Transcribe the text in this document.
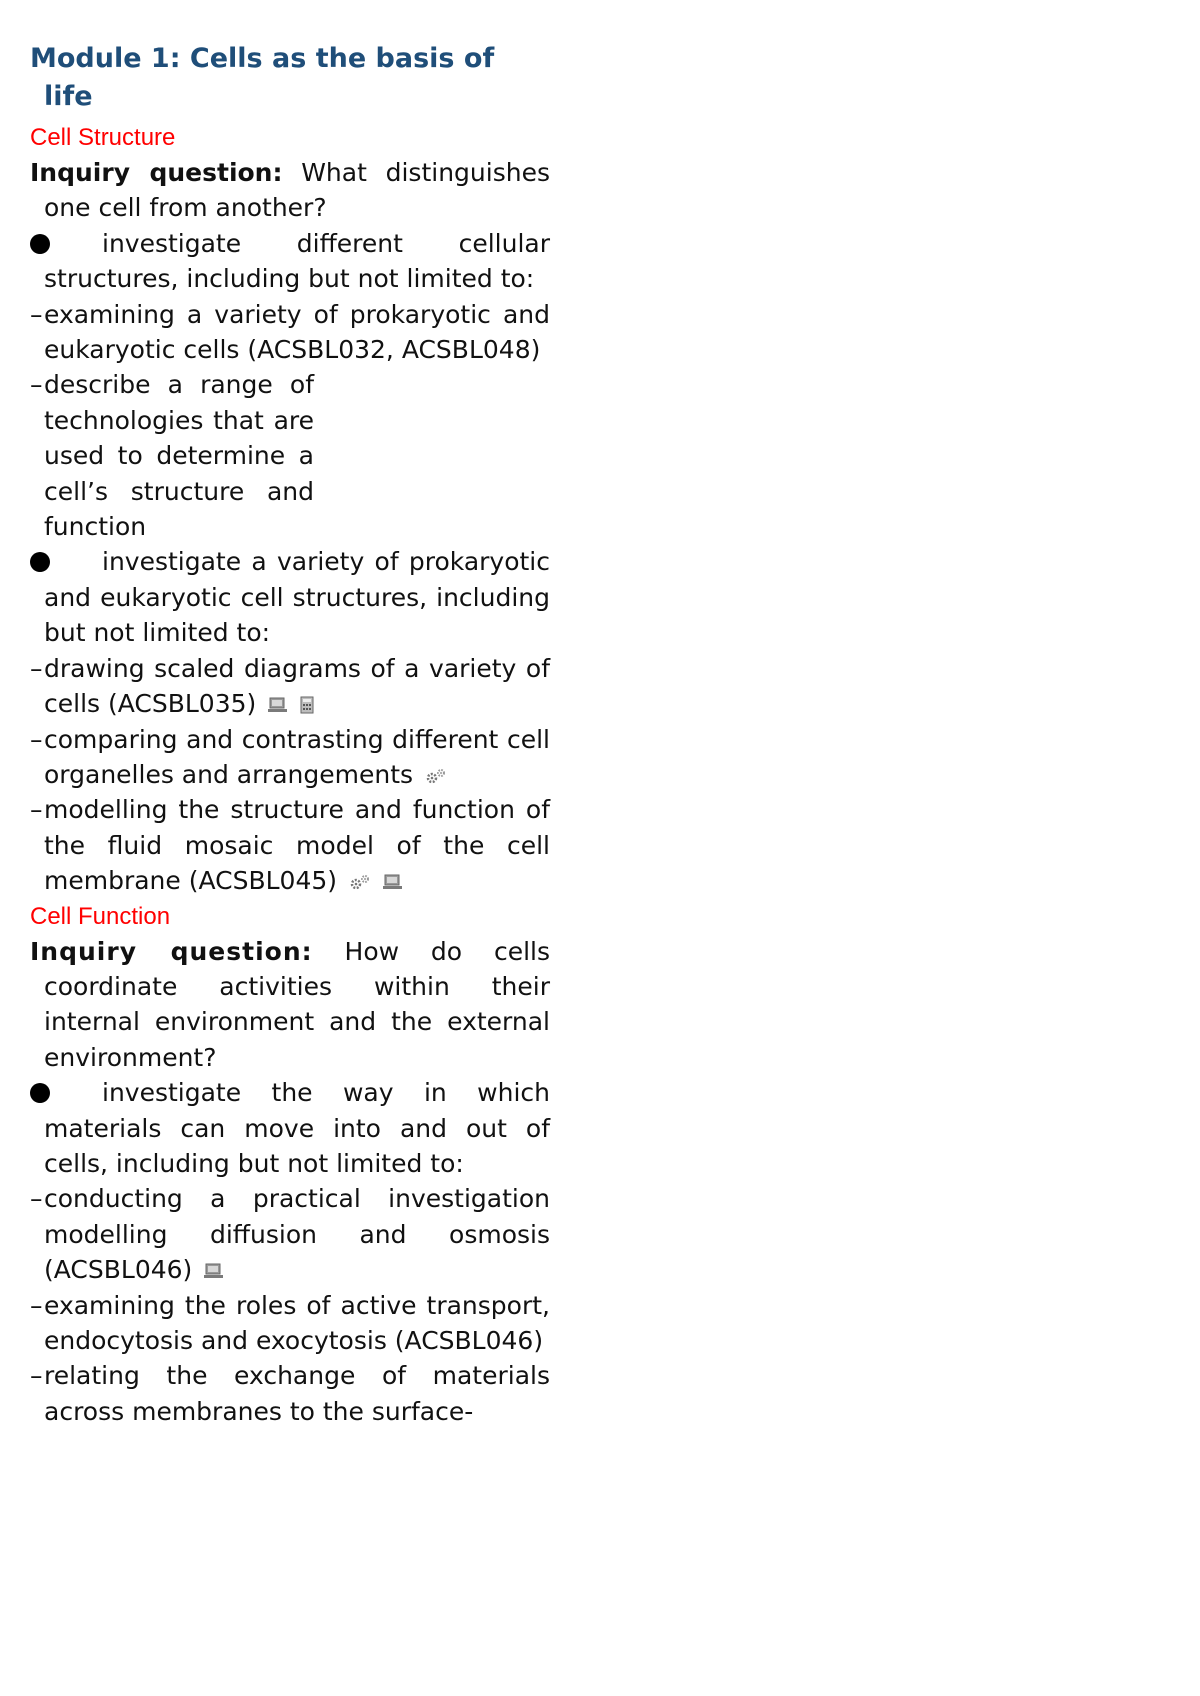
Module 1: Cells as the basis of life
Cell Structure
Inquiry question: What distinguishes one cell from another?
investigate different cellular structures, including but not limited to:
– examining a variety of prokaryotic and eukaryotic cells (ACSBL032, ACSBL048)
– describe a range of technologies that are used to determine a cell’s structure and function
investigate a variety of prokaryotic and eukaryotic cell structures, including but not limited to:
– drawing scaled diagrams of a variety of cells (ACSBL035)

– comparing and contrasting different cell organelles and arrangements
– modelling the structure and function of the fluid mosaic model of the cell membrane (ACSBL045)

Cell Function
Inquiry question: How do cells coordinate activities within their internal environment and the external environment?
investigate the way in which materials can move into and out of cells, including but not limited to:
– conducting a practical investigation modelling diffusion and osmosis (ACSBL046)
– examining the roles of active transport, endocytosis and exocytosis (ACSBL046)
– relating the exchange of materials across membranes to the surface-
